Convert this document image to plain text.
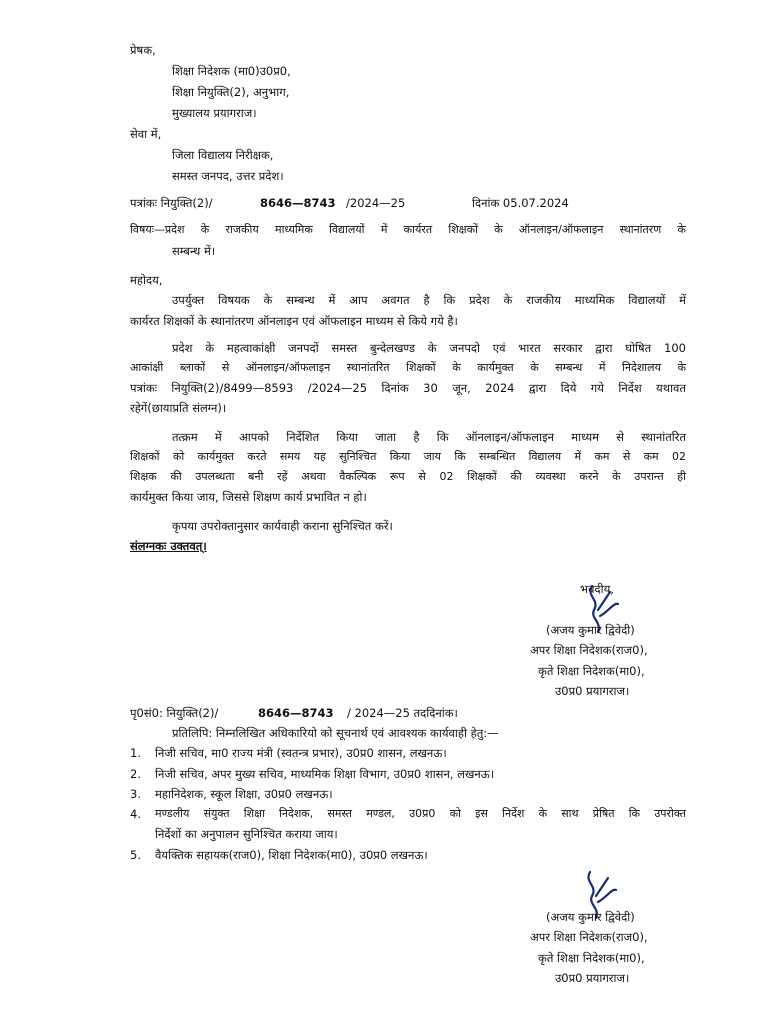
प्रेषक,
शिक्षा निदेशक (मा0)उ0प्र0,
शिक्षा नियुक्ति(2), अनुभाग,
मुख्यालय प्रयागराज।
सेवा में,
जिला विद्यालय निरीक्षक,
समस्त जनपद, उत्तर प्रदेश।
पत्रांकः नियुक्ति(2)/	8646—8743 /2024—25	दिनांक 05.07.2024
विषयः—प्रदेश के राजकीय माध्यमिक विद्यालयों में कार्यरत शिक्षकों के ऑनलाइन/ऑफलाइन स्थानांतरण के
सम्बन्ध में।
महोदय,
उपर्युक्त विषयक के सम्बन्ध में आप अवगत है कि प्रदेश के राजकीय माध्यमिक विद्यालयों में
कार्यरत शिक्षकों के स्थानांतरण ऑनलाइन एवं ऑफलाइन माध्यम से किये गये है।
प्रदेश के महत्वाकांक्षी जनपदों समस्त बुन्देलखण्ड के जनपदो एवं भारत सरकार द्वारा घोषित 100
आकांक्षी ब्लाकों से ऑनलाइन/ऑफलाइन स्थानांतरित शिक्षकों के कार्यमुक्त के सम्बन्ध में निदेशालय के
पत्रांकः नियुक्ति(2)/8499—8593 /2024—25 दिनांक 30 जून, 2024 द्वारा दिये गये निर्देश यथावत
रहेगें(छायाप्रति संलग्न)।
तत्क्रम में आपको निर्देशित किया जाता है कि ऑनलाइन/ऑफलाइन माध्यम से स्थानांतरित
शिक्षकों को कार्यमुक्त करते समय यह सुनिश्चित किया जाय कि सम्बन्धित विद्यालय में कम से कम 02
शिक्षक की उपलब्धता बनी रहें अथवा वैकल्पिक रूप से 02 शिक्षकों की व्यवस्था करने के उपरान्त ही
कार्यमुक्त किया जाय, जिससे शिक्षण कार्य प्रभावित न हो।
कृपया उपरोक्तानुसार कार्यवाही कराना सुनिश्चित करें।
संलग्नकः उक्तवत्।
भवदीय,
(अजय कुमार द्विवेदी)
अपर शिक्षा निदेशक(राज0),
कृते शिक्षा निदेशक(मा0),
उ0प्र0 प्रयागराज।
पृ0सं0: नियुक्ति(2)/	8646—8743 / 2024—25 तददिनांक।
प्रतिलिपि: निम्नलिखित अधिकारियो को सूचनार्थ एवं आवश्यक कार्यवाही हेतु:—
1. निजी सचिव, मा0 राज्य मंत्री (स्वतन्त्र प्रभार), उ0प्र0 शासन, लखनऊ।
2. निजी सचिव, अपर मुख्य सचिव, माध्यमिक शिक्षा विभाग, उ0प्र0 शासन, लखनऊ।
3. महानिदेशक, स्कूल शिक्षा, उ0प्र0 लखनऊ।
4. मण्डलीय संयुक्त शिक्षा निदेशक, समस्त मण्डल, उ0प्र0 को इस निर्देश के साथ प्रेषित कि उपरोक्त
निर्देशों का अनुपालन सुनिश्चित कराया जाय।
5. वैयक्तिक सहायक(राज0), शिक्षा निदेशक(मा0), उ0प्र0 लखनऊ।
(अजय कुमार द्विवेदी)
अपर शिक्षा निदेशक(राज0),
कृते शिक्षा निदेशक(मा0),
उ0प्र0 प्रयागराज।
